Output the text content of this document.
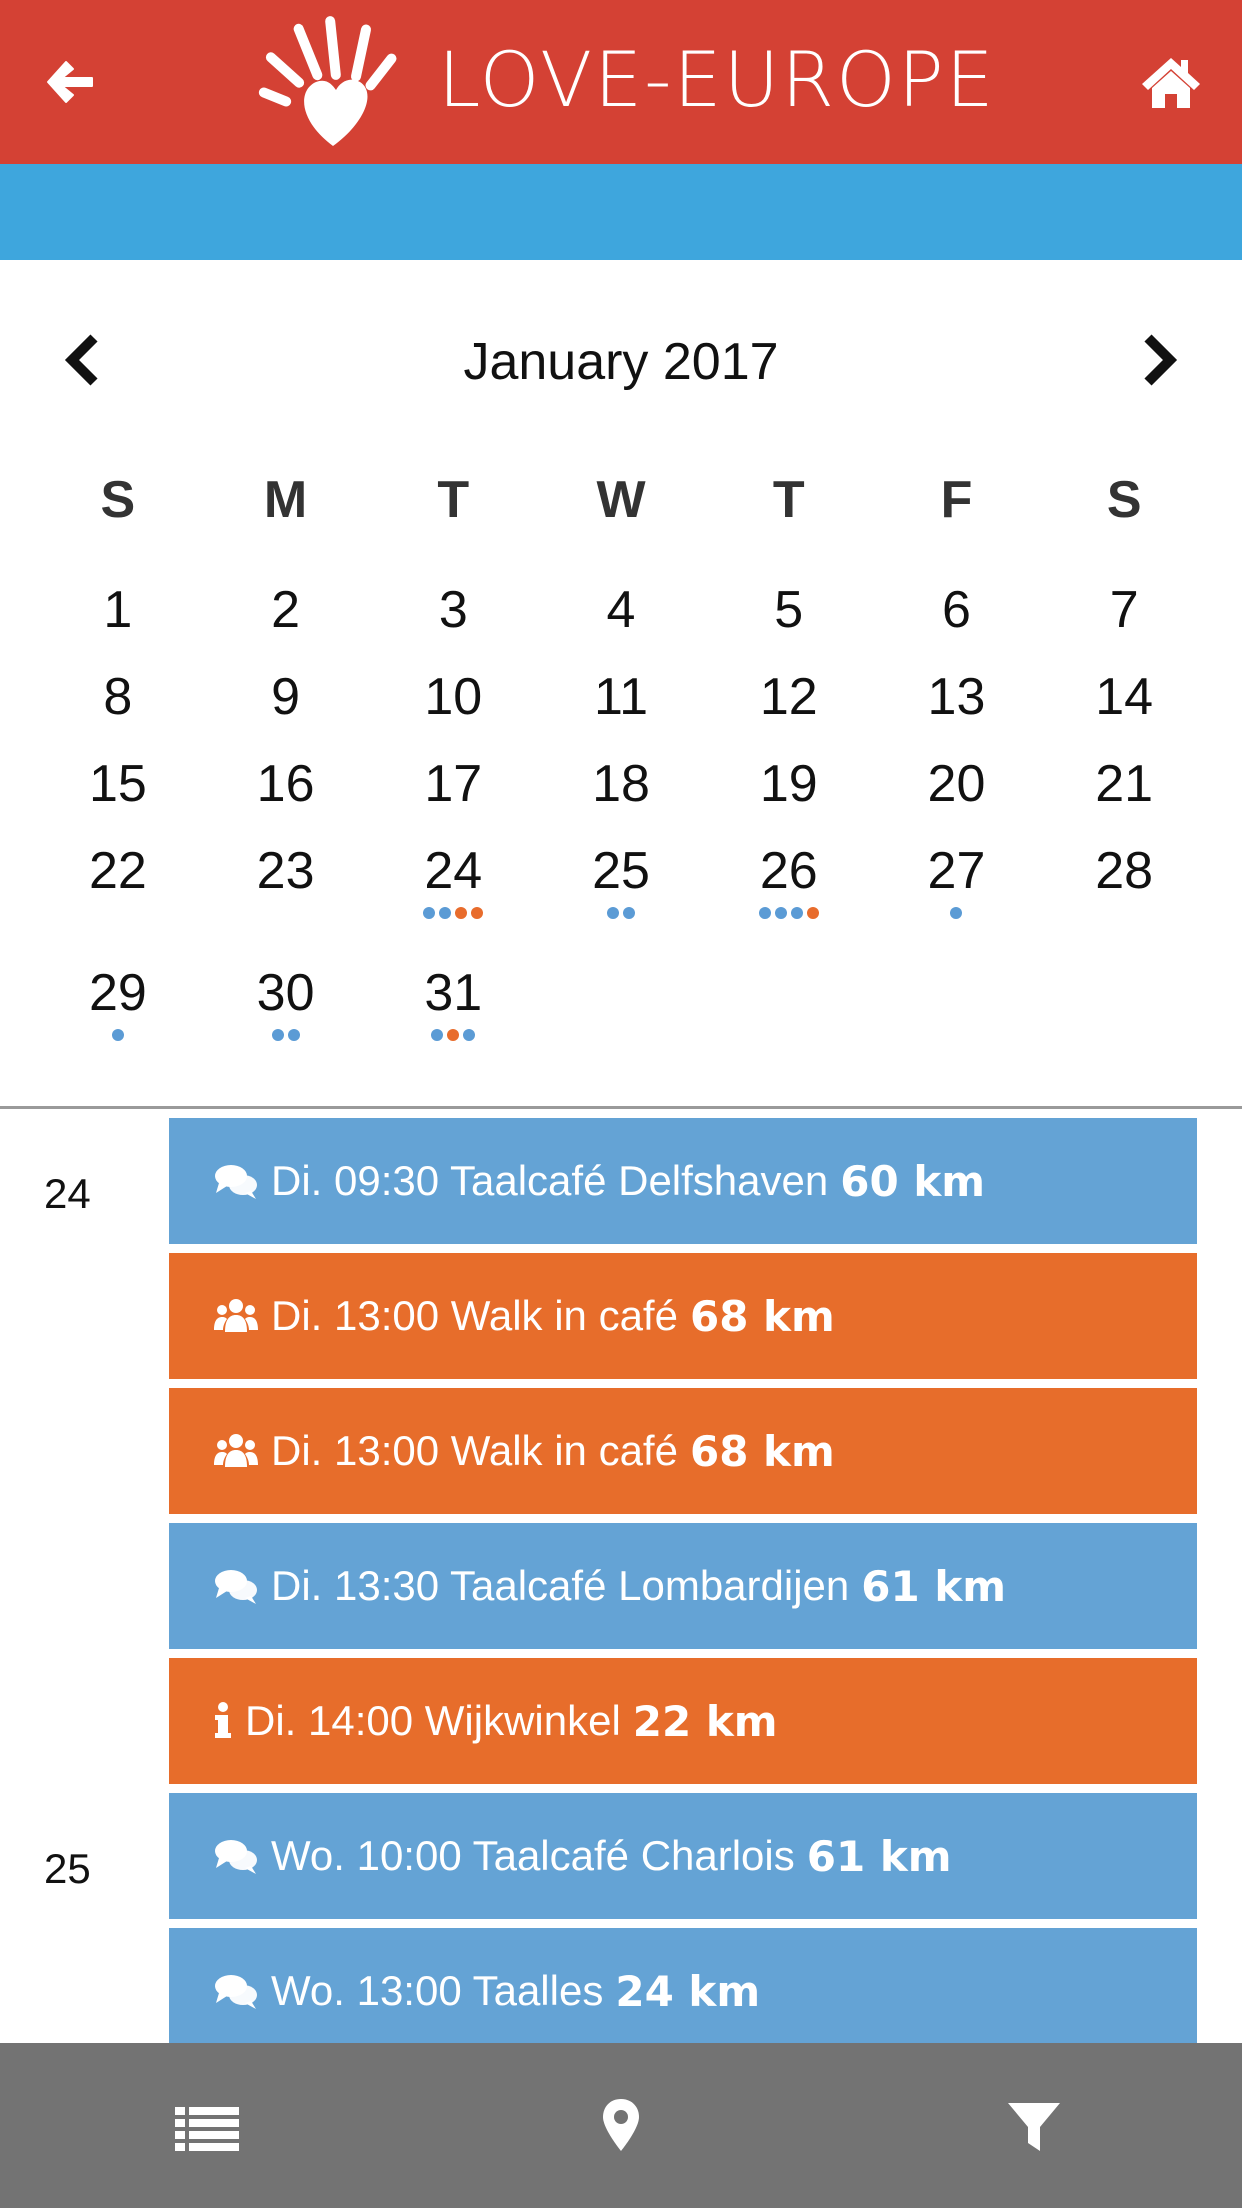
LOVE-EUROPE
January 2017
S	M	T	W	T	F	S
1	2	3	4	5	6	7
8	9	10	11	12	13	14
15	16	17	18	19	20	21
22	23	24	25	26	27	28
29	30	31
24	Di. 09:30 Taalcafé Delfshaven 60 km
Di. 13:00 Walk in café 68 km
Di. 13:00 Walk in café 68 km
Di. 13:30 Taalcafé Lombardijen 61 km
Di. 14:00 Wijkwinkel 22 km
25	Wo. 10:00 Taalcafé Charlois 61 km
Wo. 13:00 Taalles 24 km
